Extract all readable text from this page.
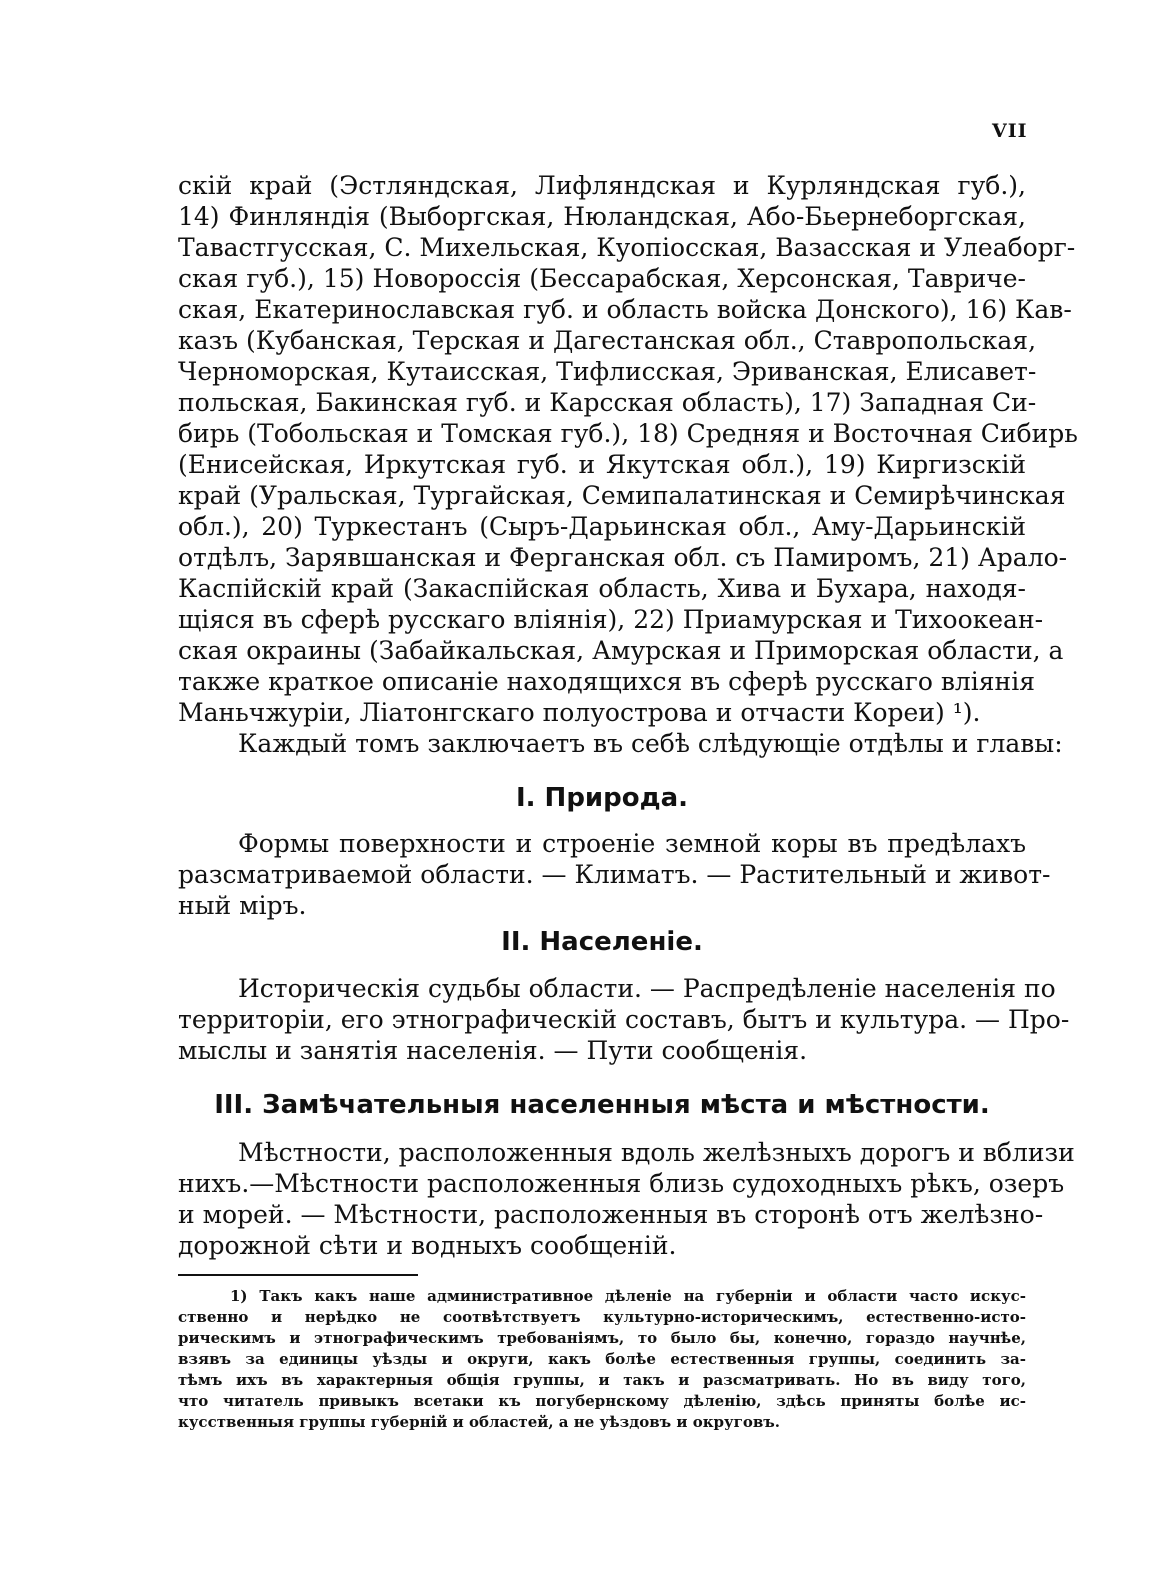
VII
скій край (Эстляндская, Лифляндская и Курляндская губ.),
14) Финляндія (Выборгская, Нюландская, Або-Бьернеборгская,
Тавастгусская, С. Михельская, Куопіосская, Вазасская и Улеаборг-
ская губ.), 15) Новороссія (Бессарабская, Херсонская, Тавриче-
ская, Екатеринославская губ. и область войска Донского), 16) Кав-
казъ (Кубанская, Терская и Дагестанская обл., Ставропольская,
Черноморская, Кутаисская, Тифлисская, Эриванская, Елисавет-
польская, Бакинская губ. и Карсская область), 17) Западная Си-
бирь (Тобольская и Томская губ.), 18) Средняя и Восточная Сибирь
(Енисейская, Иркутская губ. и Якутская обл.), 19) Киргизскій
край (Уральская, Тургайская, Семипалатинская и Семирѣчинская
обл.), 20) Туркестанъ (Сыръ-Дарьинская обл., Аму-Дарьинскій
отдѣлъ, Зарявшанская и Ферганская обл. съ Памиромъ, 21) Арало-
Каспійскій край (Закаспійская область, Хива и Бухара, находя-
щіяся въ сферѣ русскаго вліянія), 22) Приамурская и Тихоокеан-
ская окраины (Забайкальская, Амурская и Приморская области, а
также краткое описаніе находящихся въ сферѣ русскаго вліянія
Маньчжуріи, Ліатонгскаго полуострова и отчасти Кореи) ¹).
Каждый томъ заключаетъ въ себѣ слѣдующіе отдѣлы и главы:
I. Природа.
Формы поверхности и строеніе земной коры въ предѣлахъ
разсматриваемой области. — Климатъ. — Растительный и живот-
ный міръ.
II. Населеніе.
Историческія судьбы области. — Распредѣленіе населенія по
территоріи, его этнографическій составъ, бытъ и культура. — Про-
мыслы и занятія населенія. — Пути сообщенія.
III. Замѣчательныя населенныя мѣста и мѣстности.
Мѣстности, расположенныя вдоль желѣзныхъ дорогъ и вблизи
нихъ.—Мѣстности расположенныя близь судоходныхъ рѣкъ, озеръ
и морей. — Мѣстности, расположенныя въ сторонѣ отъ желѣзно-
дорожной сѣти и водныхъ сообщеній.
1) Такъ какъ наше административное дѣленіе на губерніи и области часто искус-
ственно и нерѣдко не соотвѣтствуетъ культурно-историческимъ, естественно-исто-
рическимъ и этнографическимъ требованіямъ, то было бы, конечно, гораздо научнѣе,
взявъ за единицы уѣзды и округи, какъ болѣе естественныя группы, соединить за-
тѣмъ ихъ въ характерныя общія группы, и такъ и разсматривать. Но въ виду того,
что читатель привыкъ всетаки къ погубернскому дѣленію, здѣсь приняты болѣе ис-
кусственныя группы губерній и областей, а не уѣздовъ и округовъ.
